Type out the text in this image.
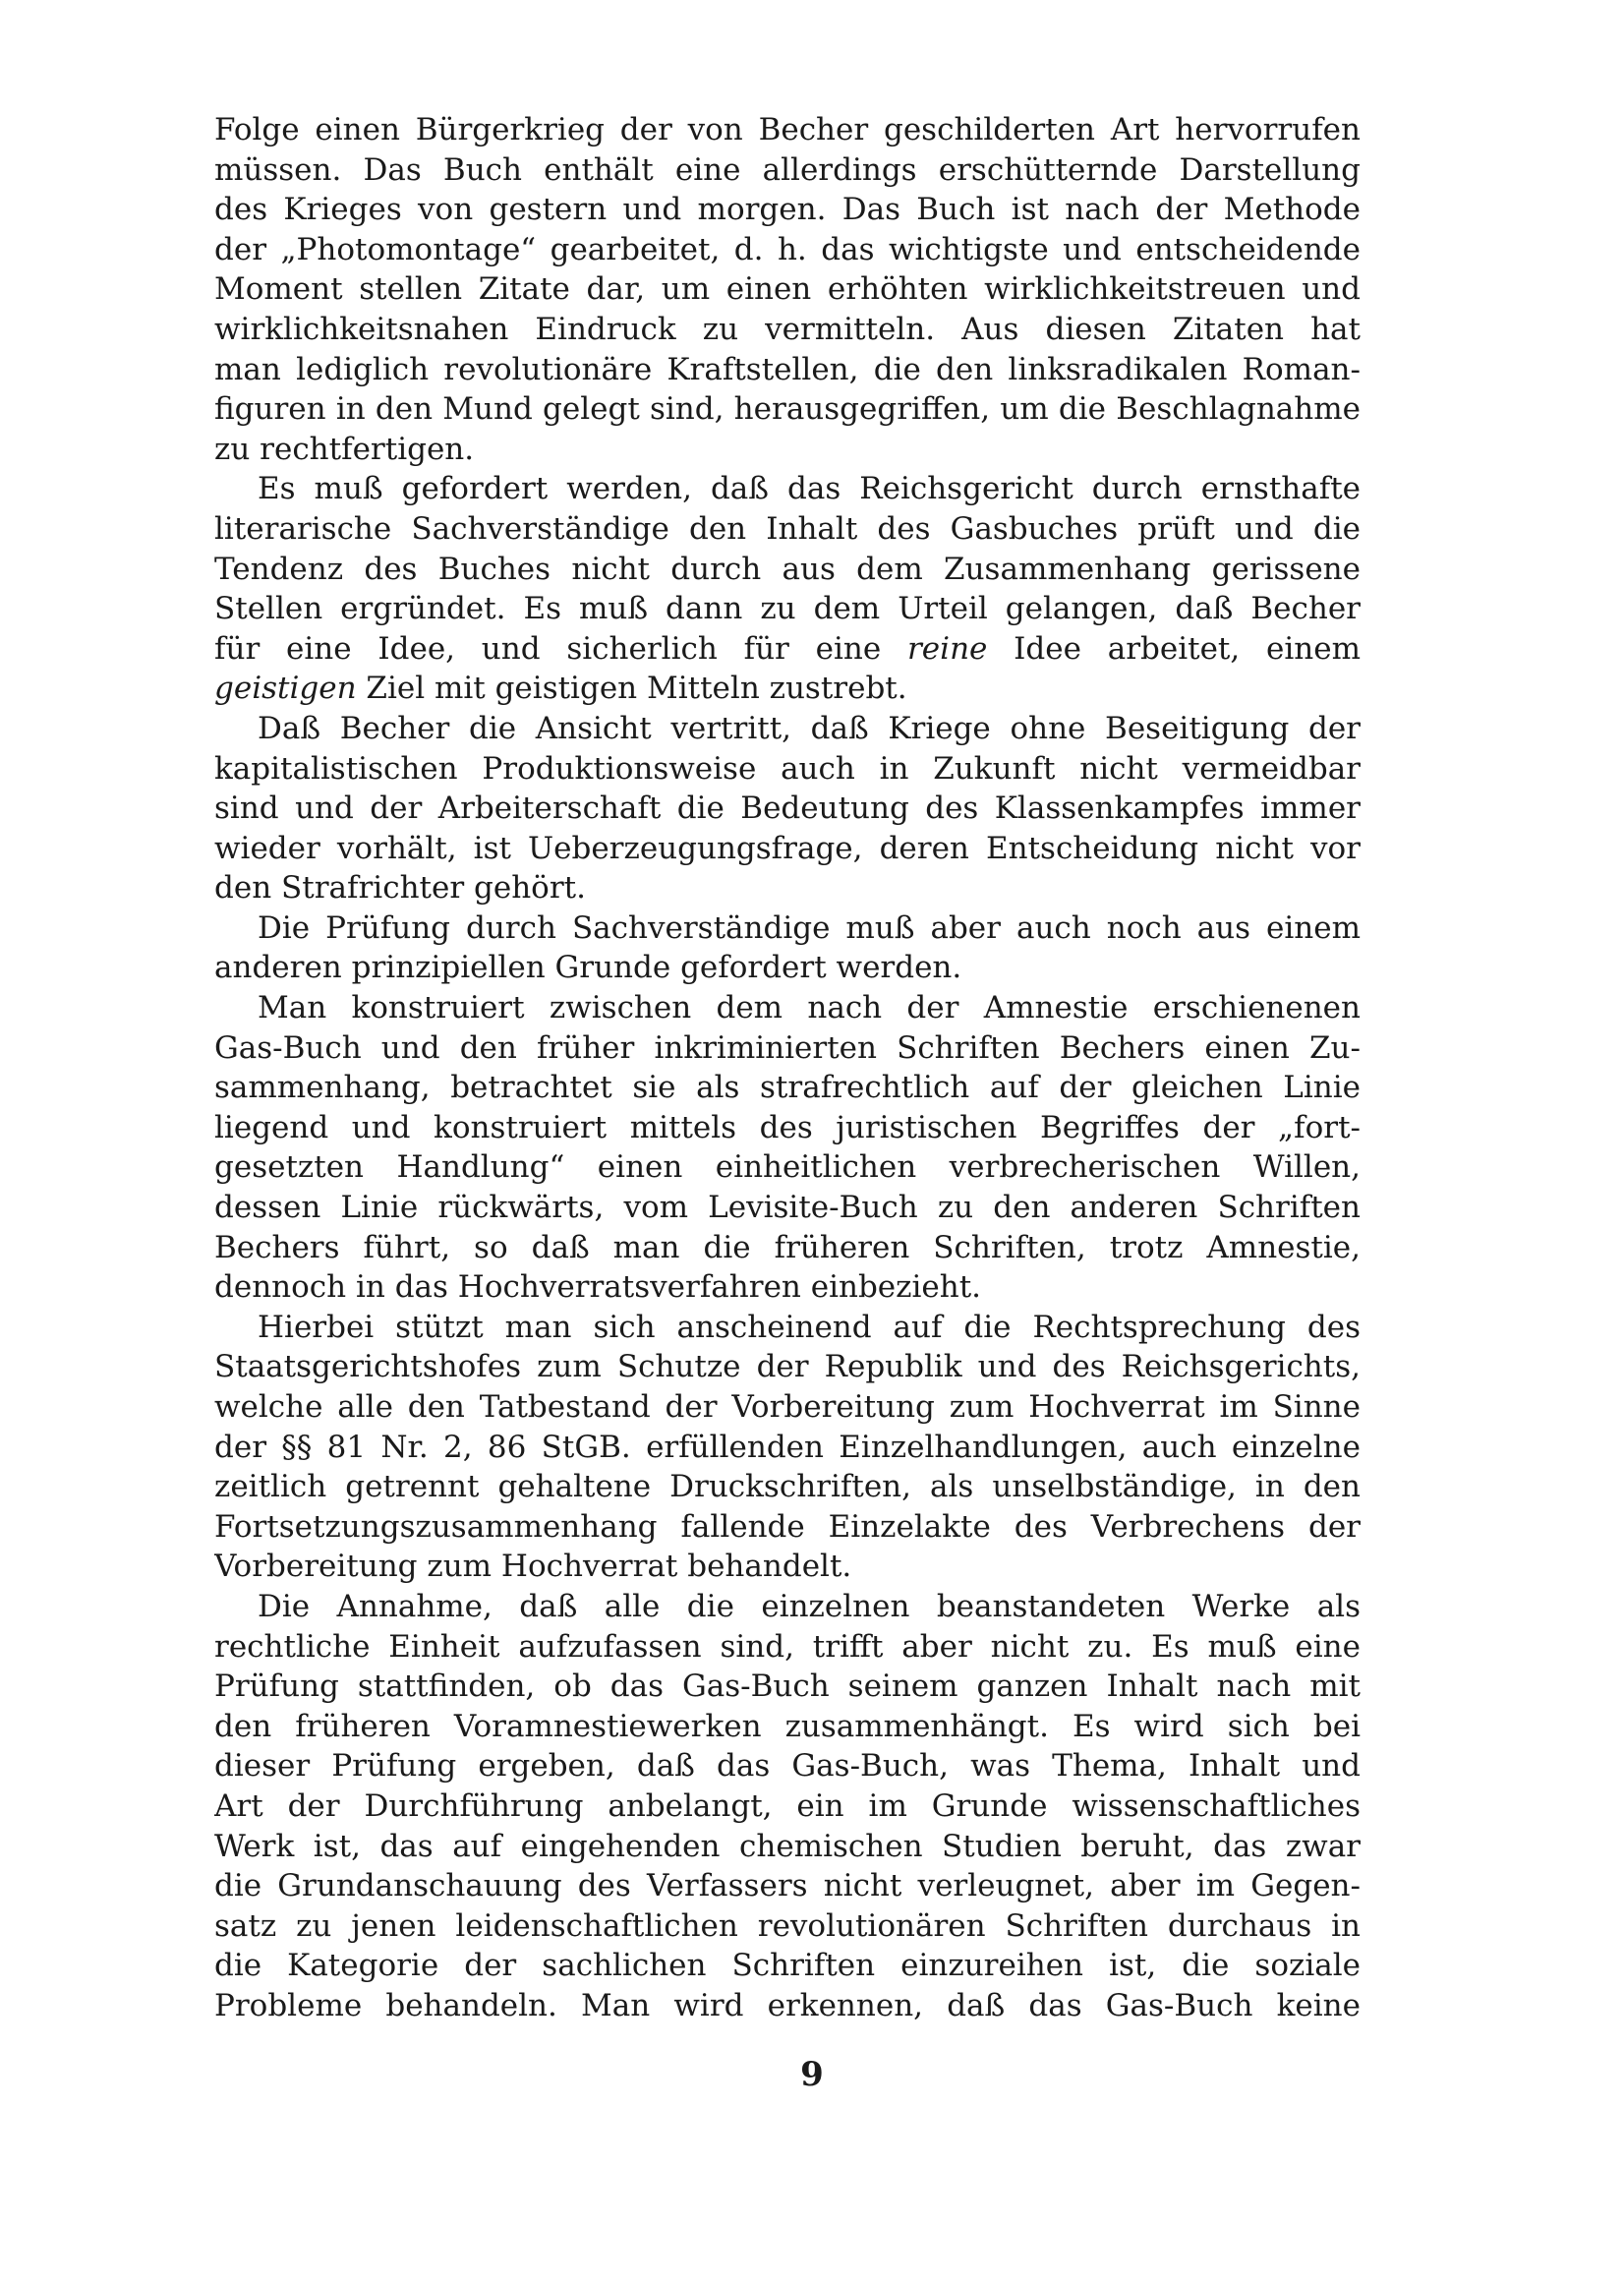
Folge einen Bürgerkrieg der von Becher geschilderten Art hervorrufen
müssen. Das Buch enthält eine allerdings erschütternde Darstellung
des Krieges von gestern und morgen. Das Buch ist nach der Methode
der „Photomontage“ gearbeitet, d. h. das wichtigste und entscheidende
Moment stellen Zitate dar, um einen erhöhten wirklichkeitstreuen und
wirklichkeitsnahen Eindruck zu vermitteln. Aus diesen Zitaten hat
man lediglich revolutionäre Kraftstellen, die den linksradikalen Roman-
figuren in den Mund gelegt sind, herausgegriffen, um die Beschlagnahme
zu rechtfertigen.
Es muß gefordert werden, daß das Reichsgericht durch ernsthafte
literarische Sachverständige den Inhalt des Gasbuches prüft und die
Tendenz des Buches nicht durch aus dem Zusammenhang gerissene
Stellen ergründet. Es muß dann zu dem Urteil gelangen, daß Becher
für eine Idee, und sicherlich für eine reine Idee arbeitet, einem
geistigen Ziel mit geistigen Mitteln zustrebt.
Daß Becher die Ansicht vertritt, daß Kriege ohne Beseitigung der
kapitalistischen Produktionsweise auch in Zukunft nicht vermeidbar
sind und der Arbeiterschaft die Bedeutung des Klassenkampfes immer
wieder vorhält, ist Ueberzeugungsfrage, deren Entscheidung nicht vor
den Strafrichter gehört.
Die Prüfung durch Sachverständige muß aber auch noch aus einem
anderen prinzipiellen Grunde gefordert werden.
Man konstruiert zwischen dem nach der Amnestie erschienenen
Gas-Buch und den früher inkriminierten Schriften Bechers einen Zu-
sammenhang, betrachtet sie als strafrechtlich auf der gleichen Linie
liegend und konstruiert mittels des juristischen Begriffes der „fort-
gesetzten Handlung“ einen einheitlichen verbrecherischen Willen,
dessen Linie rückwärts, vom Levisite-Buch zu den anderen Schriften
Bechers führt, so daß man die früheren Schriften, trotz Amnestie,
dennoch in das Hochverratsverfahren einbezieht.
Hierbei stützt man sich anscheinend auf die Rechtsprechung des
Staatsgerichtshofes zum Schutze der Republik und des Reichsgerichts,
welche alle den Tatbestand der Vorbereitung zum Hochverrat im Sinne
der §§ 81 Nr. 2, 86 StGB. erfüllenden Einzelhandlungen, auch einzelne
zeitlich getrennt gehaltene Druckschriften, als unselbständige, in den
Fortsetzungszusammenhang fallende Einzelakte des Verbrechens der
Vorbereitung zum Hochverrat behandelt.
Die Annahme, daß alle die einzelnen beanstandeten Werke als
rechtliche Einheit aufzufassen sind, trifft aber nicht zu. Es muß eine
Prüfung stattfinden, ob das Gas-Buch seinem ganzen Inhalt nach mit
den früheren Voramnestiewerken zusammenhängt. Es wird sich bei
dieser Prüfung ergeben, daß das Gas-Buch, was Thema, Inhalt und
Art der Durchführung anbelangt, ein im Grunde wissenschaftliches
Werk ist, das auf eingehenden chemischen Studien beruht, das zwar
die Grundanschauung des Verfassers nicht verleugnet, aber im Gegen-
satz zu jenen leidenschaftlichen revolutionären Schriften durchaus in
die Kategorie der sachlichen Schriften einzureihen ist, die soziale
Probleme behandeln. Man wird erkennen, daß das Gas-Buch keine
9
